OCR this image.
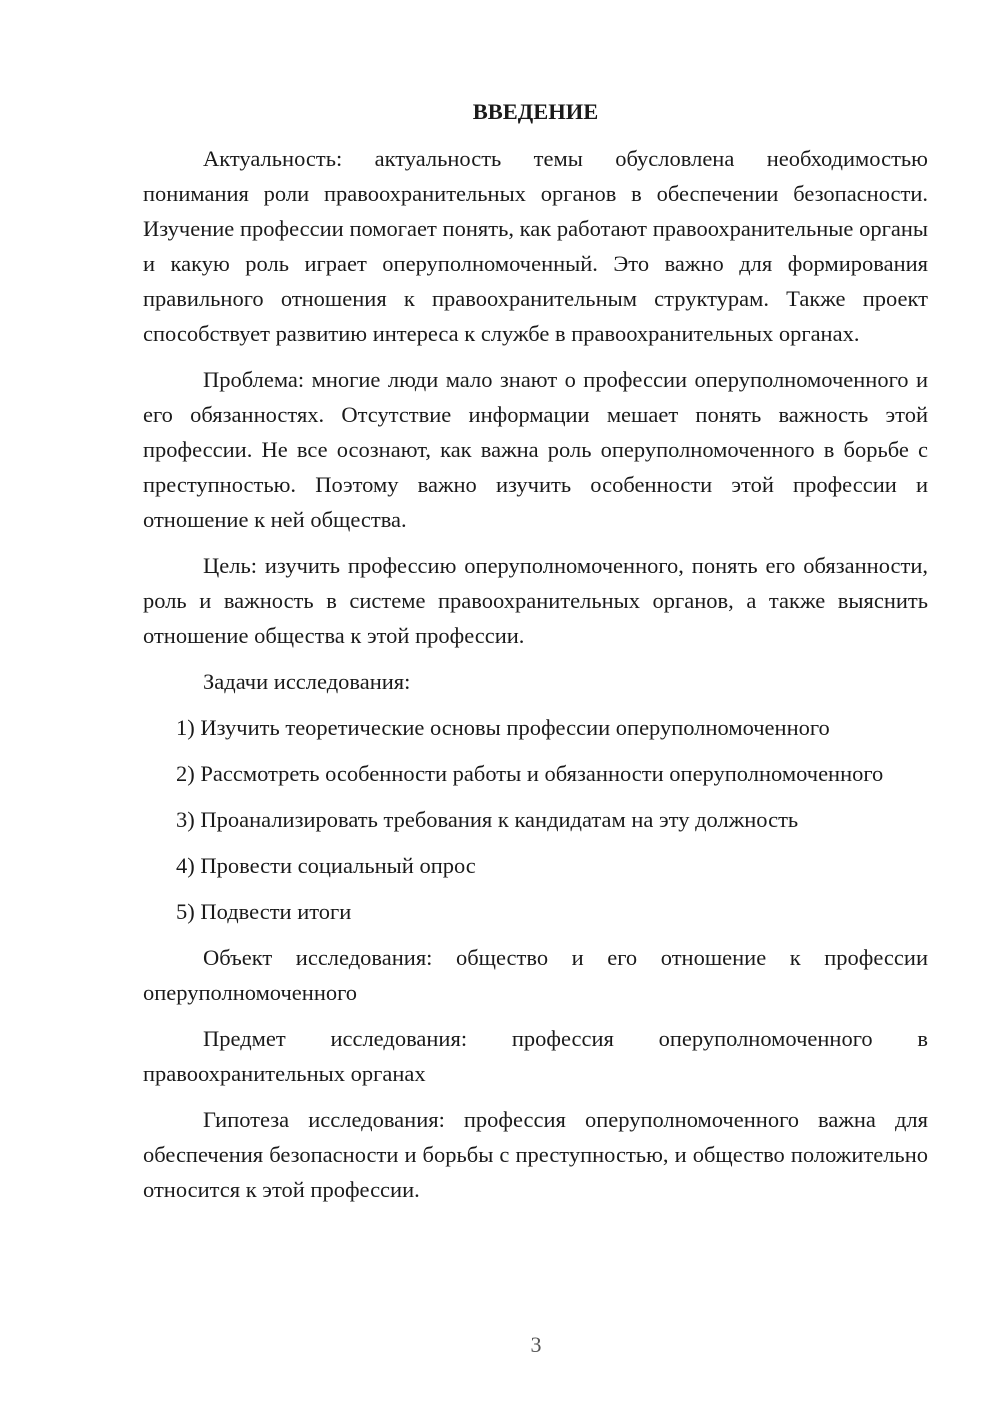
ВВЕДЕНИЕ

Актуальность: актуальность темы обусловлена необходимостью понимания роли правоохранительных органов в обеспечении безопасности. Изучение профессии помогает понять, как работают правоохранительные органы и какую роль играет оперуполномоченный. Это важно для формирования правильного отношения к правоохранительным структурам. Также проект способствует развитию интереса к службе в правоохранительных органах.

Проблема: многие люди мало знают о профессии оперуполномоченного и его обязанностях. Отсутствие информации мешает понять важность этой профессии. Не все осознают, как важна роль оперуполномоченного в борьбе с преступностью. Поэтому важно изучить особенности этой профессии и отношение к ней общества.

Цель: изучить профессию оперуполномоченного, понять его обязанности, роль и важность в системе правоохранительных органов, а также выяснить отношение общества к этой профессии.

Задачи исследования:

1) Изучить теоретические основы профессии оперуполномоченного

2) Рассмотреть особенности работы и обязанности оперуполномоченного

3) Проанализировать требования к кандидатам на эту должность

4) Провести социальный опрос

5) Подвести итоги

Объект исследования: общество и его отношение к профессии оперуполномоченного

Предмет исследования: профессия оперуполномоченного в правоохранительных органах

Гипотеза исследования: профессия оперуполномоченного важна для обеспечения безопасности и борьбы с преступностью, и общество положительно относится к этой профессии.

3
